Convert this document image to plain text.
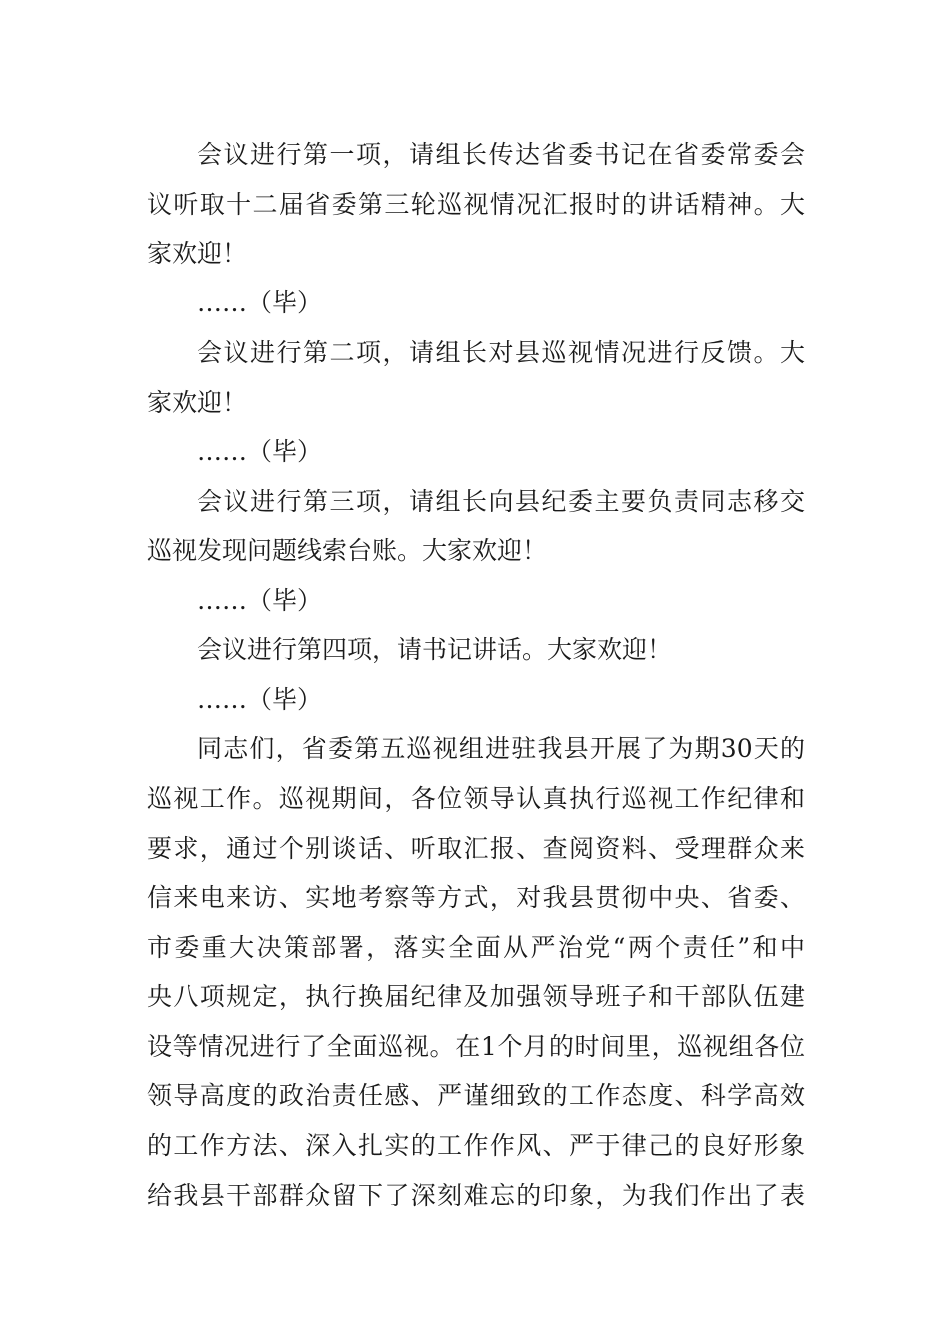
会议进行第一项，请组长传达省委书记在省委常委会
议听取十二届省委第三轮巡视情况汇报时的讲话精神。大
家欢迎！
……（毕）
会议进行第二项，请组长对县巡视情况进行反馈。大
家欢迎！
……（毕）
会议进行第三项，请组长向县纪委主要负责同志移交
巡视发现问题线索台账。大家欢迎！
……（毕）
会议进行第四项，请书记讲话。大家欢迎！
……（毕）
同志们，省委第五巡视组进驻我县开展了为期30天的
巡视工作。巡视期间，各位领导认真执行巡视工作纪律和
要求，通过个别谈话、听取汇报、查阅资料、受理群众来
信来电来访、实地考察等方式，对我县贯彻中央、省委、
市委重大决策部署，落实全面从严治党“两个责任”和中
央八项规定，执行换届纪律及加强领导班子和干部队伍建
设等情况进行了全面巡视。在1个月的时间里，巡视组各位
领导高度的政治责任感、严谨细致的工作态度、科学高效
的工作方法、深入扎实的工作作风、严于律己的良好形象
给我县干部群众留下了深刻难忘的印象，为我们作出了表
